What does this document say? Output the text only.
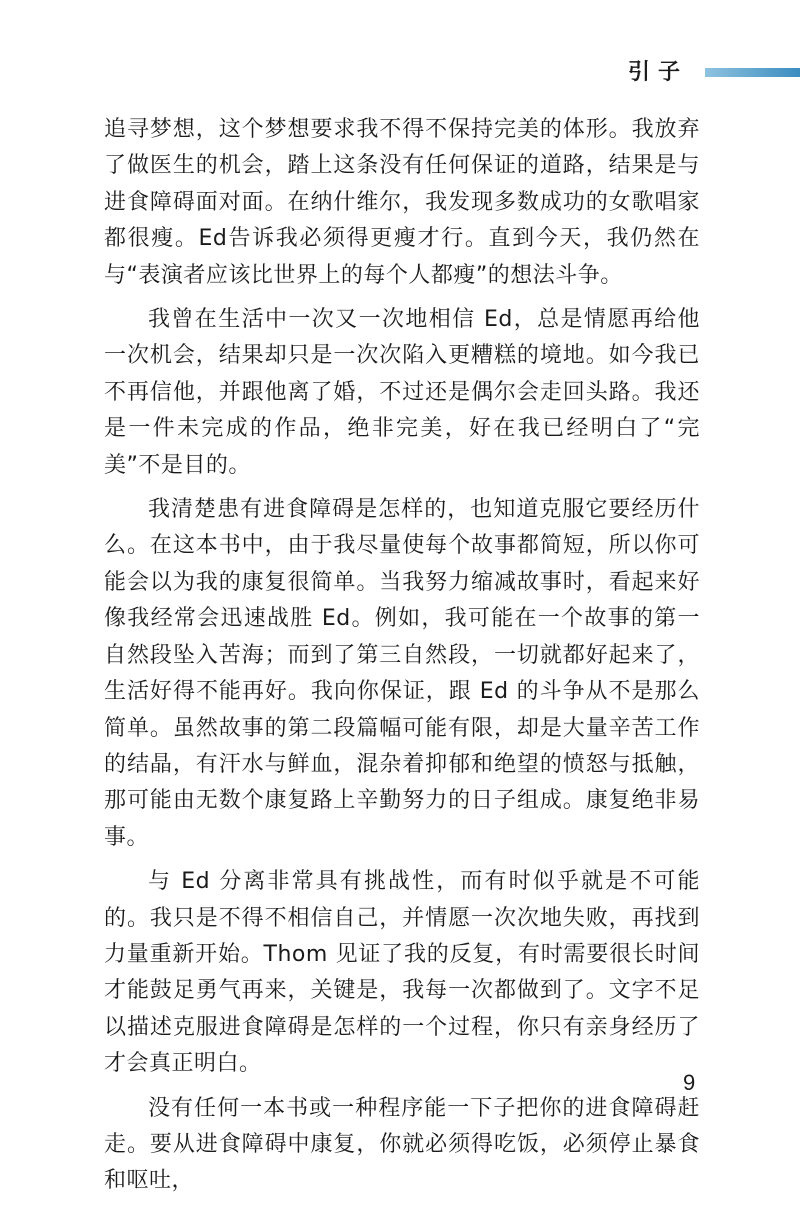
引子

追寻梦想，这个梦想要求我不得不保持完美的体形。我放弃了做医生的机会，踏上这条没有任何保证的道路，结果是与进食障碍面对面。在纳什维尔，我发现多数成功的女歌唱家都很瘦。Ed告诉我必须得更瘦才行。直到今天，我仍然在与“表演者应该比世界上的每个人都瘦”的想法斗争。

我曾在生活中一次又一次地相信 Ed，总是情愿再给他一次机会，结果却只是一次次陷入更糟糕的境地。如今我已不再信他，并跟他离了婚，不过还是偶尔会走回头路。我还是一件未完成的作品，绝非完美，好在我已经明白了“完美”不是目的。

我清楚患有进食障碍是怎样的，也知道克服它要经历什么。在这本书中，由于我尽量使每个故事都简短，所以你可能会以为我的康复很简单。当我努力缩减故事时，看起来好像我经常会迅速战胜 Ed。例如，我可能在一个故事的第一自然段坠入苦海；而到了第三自然段，一切就都好起来了，生活好得不能再好。我向你保证，跟 Ed 的斗争从不是那么简单。虽然故事的第二段篇幅可能有限，却是大量辛苦工作的结晶，有汗水与鲜血，混杂着抑郁和绝望的愤怒与抵触，那可能由无数个康复路上辛勤努力的日子组成。康复绝非易事。

与 Ed 分离非常具有挑战性，而有时似乎就是不可能的。我只是不得不相信自己，并情愿一次次地失败，再找到力量重新开始。Thom 见证了我的反复，有时需要很长时间才能鼓足勇气再来，关键是，我每一次都做到了。文字不足以描述克服进食障碍是怎样的一个过程，你只有亲身经历了才会真正明白。

没有任何一本书或一种程序能一下子把你的进食障碍赶走。要从进食障碍中康复，你就必须得吃饭，必须停止暴食和呕吐，

9
